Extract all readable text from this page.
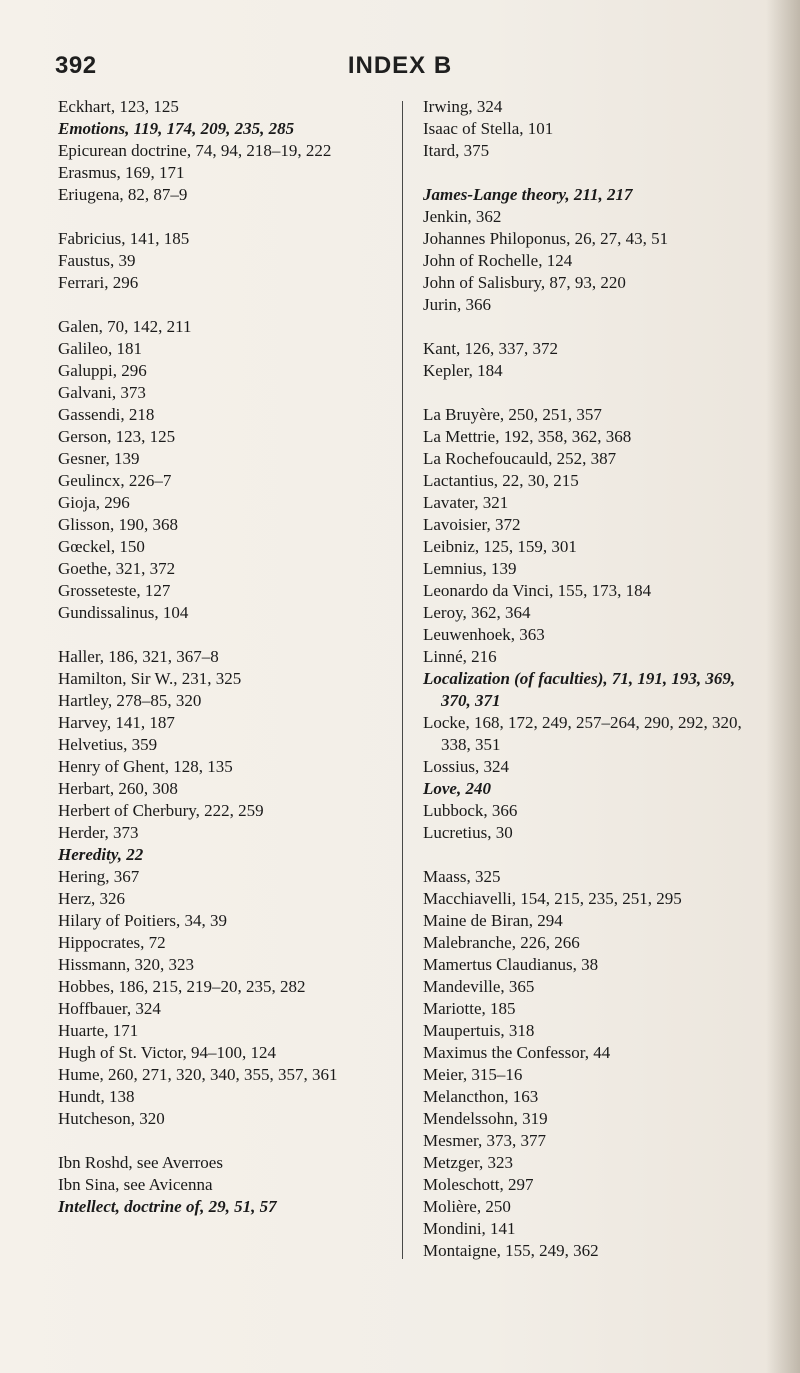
392	INDEX B
Eckhart, 123, 125
Emotions, 119, 174, 209, 235, 285
Epicurean doctrine, 74, 94, 218–19, 222
Erasmus, 169, 171
Eriugena, 82, 87–9
Fabricius, 141, 185
Faustus, 39
Ferrari, 296
Galen, 70, 142, 211
Galileo, 181
Galuppi, 296
Galvani, 373
Gassendi, 218
Gerson, 123, 125
Gesner, 139
Geulincx, 226–7
Gioja, 296
Glisson, 190, 368
Gœckel, 150
Goethe, 321, 372
Grosseteste, 127
Gundissalinus, 104
Haller, 186, 321, 367–8
Hamilton, Sir W., 231, 325
Hartley, 278–85, 320
Harvey, 141, 187
Helvetius, 359
Henry of Ghent, 128, 135
Herbart, 260, 308
Herbert of Cherbury, 222, 259
Herder, 373
Heredity, 22
Hering, 367
Herz, 326
Hilary of Poitiers, 34, 39
Hippocrates, 72
Hissmann, 320, 323
Hobbes, 186, 215, 219–20, 235, 282
Hoffbauer, 324
Huarte, 171
Hugh of St. Victor, 94–100, 124
Hume, 260, 271, 320, 340, 355, 357, 361
Hundt, 138
Hutcheson, 320
Ibn Roshd, see Averroes
Ibn Sina, see Avicenna
Intellect, doctrine of, 29, 51, 57
Irwing, 324
Isaac of Stella, 101
Itard, 375
James-Lange theory, 211, 217
Jenkin, 362
Johannes Philoponus, 26, 27, 43, 51
John of Rochelle, 124
John of Salisbury, 87, 93, 220
Jurin, 366
Kant, 126, 337, 372
Kepler, 184
La Bruyère, 250, 251, 357
La Mettrie, 192, 358, 362, 368
La Rochefoucauld, 252, 387
Lactantius, 22, 30, 215
Lavater, 321
Lavoisier, 372
Leibniz, 125, 159, 301
Lemnius, 139
Leonardo da Vinci, 155, 173, 184
Leroy, 362, 364
Leuwenhoek, 363
Linné, 216
Localization (of faculties), 71, 191, 193, 369, 370, 371
Locke, 168, 172, 249, 257–264, 290, 292, 320, 338, 351
Lossius, 324
Love, 240
Lubbock, 366
Lucretius, 30
Maass, 325
Macchiavelli, 154, 215, 235, 251, 295
Maine de Biran, 294
Malebranche, 226, 266
Mamertus Claudianus, 38
Mandeville, 365
Mariotte, 185
Maupertuis, 318
Maximus the Confessor, 44
Meier, 315–16
Melancthon, 163
Mendelssohn, 319
Mesmer, 373, 377
Metzger, 323
Moleschott, 297
Molière, 250
Mondini, 141
Montaigne, 155, 249, 362
